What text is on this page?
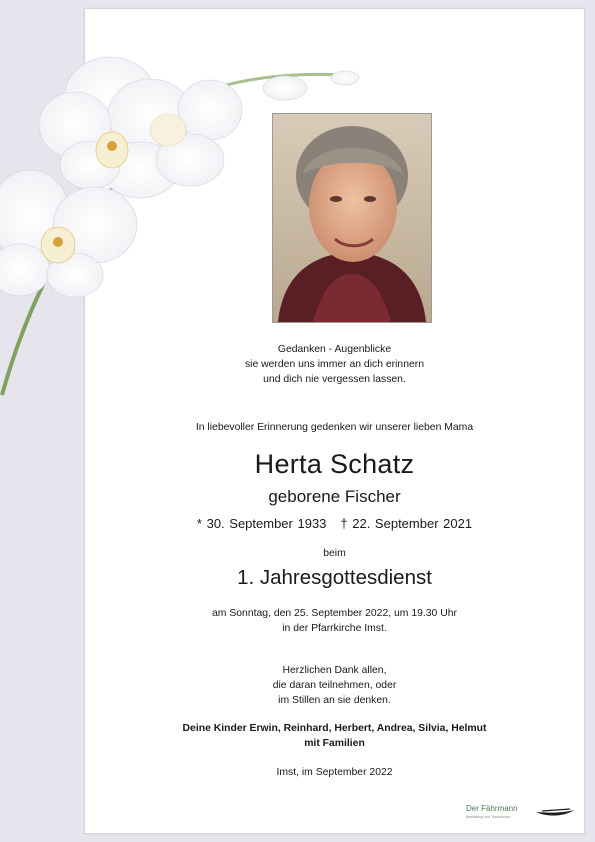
Gedanken - Augenblicke
sie werden uns immer an dich erinnern
und dich nie vergessen lassen.
In liebevoller Erinnerung gedenken wir unserer lieben Mama
Herta Schatz
geborene Fischer
* 30. September 1933 † 22. September 2021
beim
1. Jahresgottesdienst
am Sonntag, den 25. September 2022, um 19.30 Uhr
in der Pfarrkirche Imst.
Herzlichen Dank allen,
die daran teilnehmen, oder
im Stillen an sie denken.
Deine Kinder Erwin, Reinhard, Herbert, Andrea, Silvia, Helmut
mit Familien
Imst, im September 2022
Der Fährmann
Bestattung und Trauerkultur
